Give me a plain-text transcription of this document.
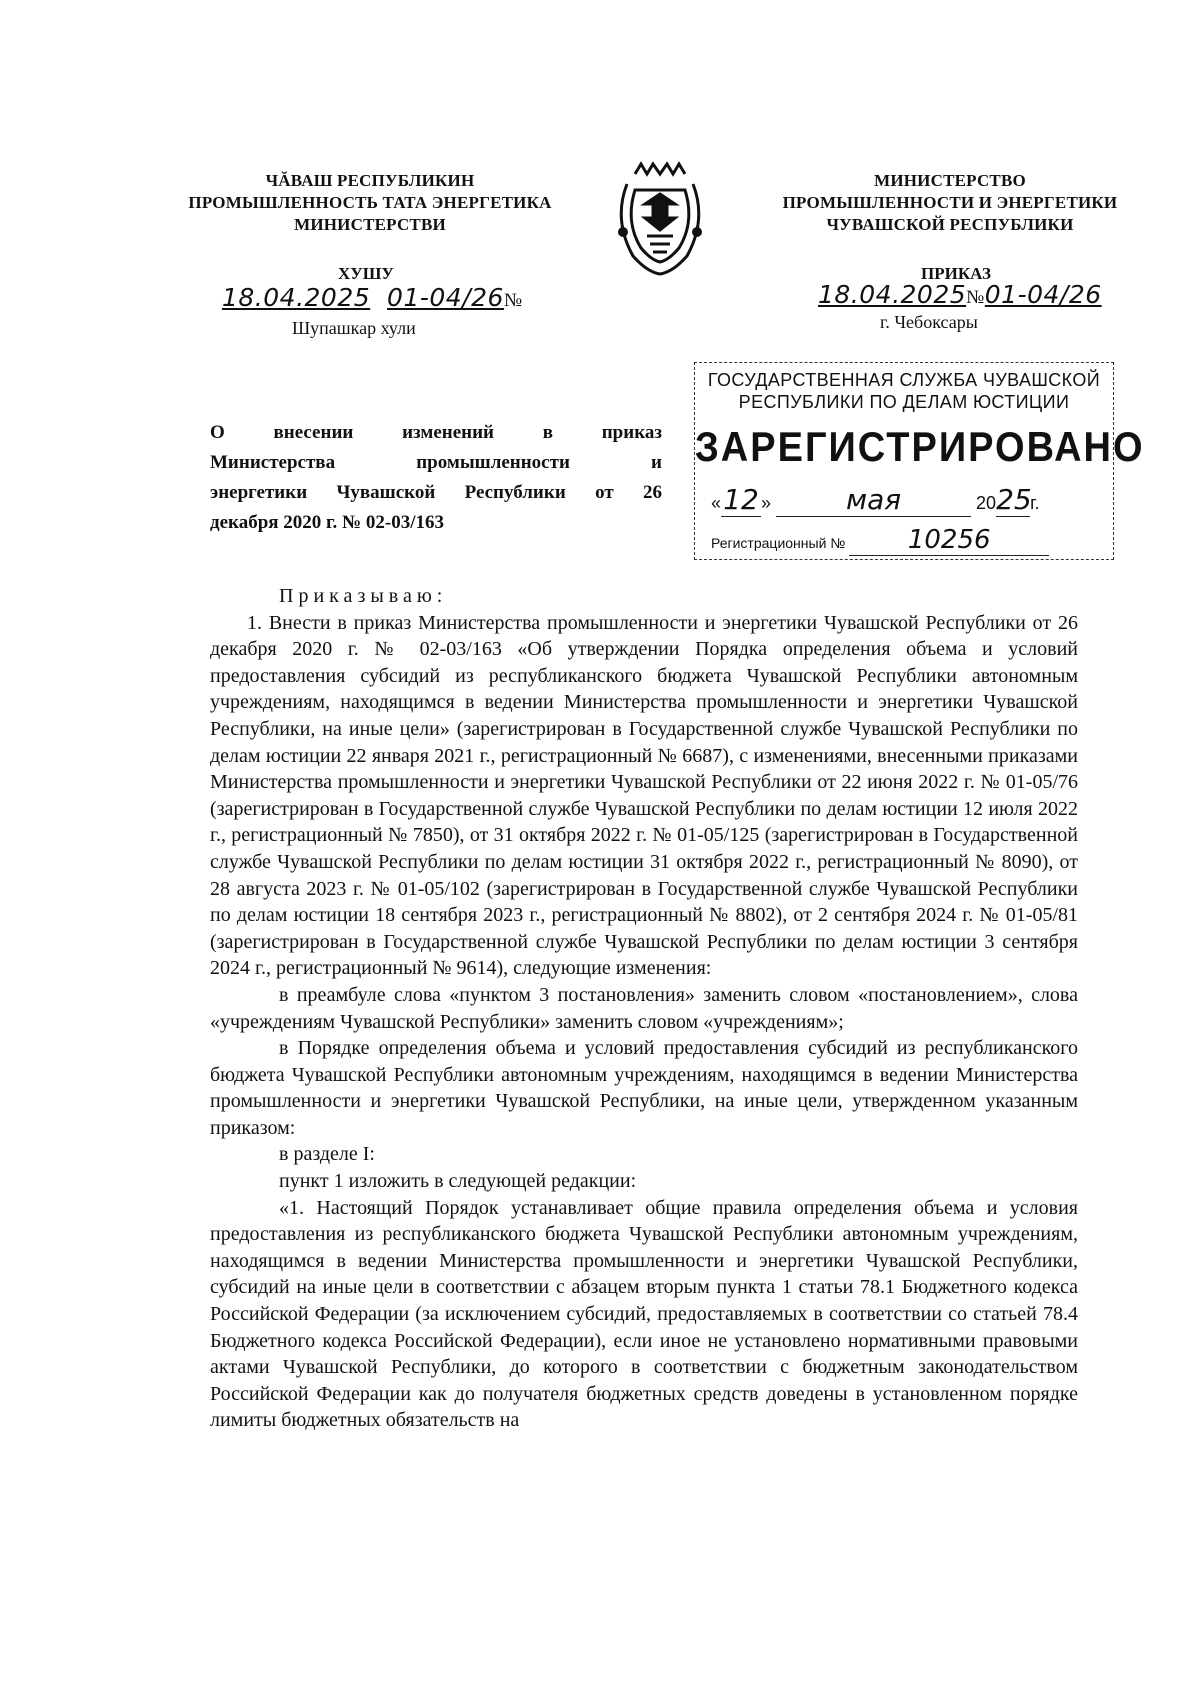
ЧĂВАШ РЕСПУБЛИКИН
ПРОМЫШЛЕННОСТЬ ТАТА ЭНЕРГЕТИКА
МИНИСТЕРСТВИ
ХУШУ
18.04.2025 01-04/26№
Шупашкар хули
МИНИСТЕРСТВО
ПРОМЫШЛЕННОСТИ И ЭНЕРГЕТИКИ
ЧУВАШСКОЙ РЕСПУБЛИКИ
ПРИКАЗ
18.04.2025№01-04/26
г. Чебоксары
ГОСУДАРСТВЕННАЯ СЛУЖБА ЧУВАШСКОЙ
РЕСПУБЛИКИ ПО ДЕЛАМ ЮСТИЦИИ
ЗАРЕГИСТРИРОВАНО
«12 » мая	2025г.
Регистрационный № 10256
О внесении изменений в приказ
Министерства промышленности и
энергетики Чувашской Республики от 26
декабря 2020 г. № 02-03/163

Приказываю:

1. Внести в приказ Министерства промышленности и энергетики Чувашской Республики от 26 декабря 2020 г. № 02-03/163 «Об утверждении Порядка определения объема и условий предоставления субсидий из республиканского бюджета Чувашской Республики автономным учреждениям, находящимся в ведении Министерства промышленности и энергетики Чувашской Республики, на иные цели» (зарегистрирован в Государственной службе Чувашской Республики по делам юстиции 22 января 2021 г., регистрационный № 6687), с изменениями, внесенными приказами Министерства промышленности и энергетики Чувашской Республики от 22 июня 2022 г. № 01-05/76 (зарегистрирован в Государственной службе Чувашской Республики по делам юстиции 12 июля 2022 г., регистрационный № 7850), от 31 октября 2022 г. № 01-05/125 (зарегистрирован в Государственной службе Чувашской Республики по делам юстиции 31 октября 2022 г., регистрационный № 8090), от 28 августа 2023 г. № 01-05/102 (зарегистрирован в Государственной службе Чувашской Республики по делам юстиции 18 сентября 2023 г., регистрационный № 8802), от 2 сентября 2024 г. № 01-05/81 (зарегистрирован в Государственной службе Чувашской Республики по делам юстиции 3 сентября 2024 г., регистрационный № 9614), следующие изменения:

в преамбуле слова «пунктом 3 постановления» заменить словом «постановлением», слова «учреждениям Чувашской Республики» заменить словом «учреждениям»;

в Порядке определения объема и условий предоставления субсидий из республиканского бюджета Чувашской Республики автономным учреждениям, находящимся в ведении Министерства промышленности и энергетики Чувашской Республики, на иные цели, утвержденном указанным приказом:

в разделе I:

пункт 1 изложить в следующей редакции:

«1. Настоящий Порядок устанавливает общие правила определения объема и условия предоставления из республиканского бюджета Чувашской Республики автономным учреждениям, находящимся в ведении Министерства промышленности и энергетики Чувашской Республики, субсидий на иные цели в соответствии с абзацем вторым пункта 1 статьи 78.1 Бюджетного кодекса Российской Федерации (за исключением субсидий, предоставляемых в соответствии со статьей 78.4 Бюджетного кодекса Российской Федерации), если иное не установлено нормативными правовыми актами Чувашской Республики, до которого в соответствии с бюджетным законодательством Российской Федерации как до получателя бюджетных средств доведены в установленном порядке лимиты бюджетных обязательств на
